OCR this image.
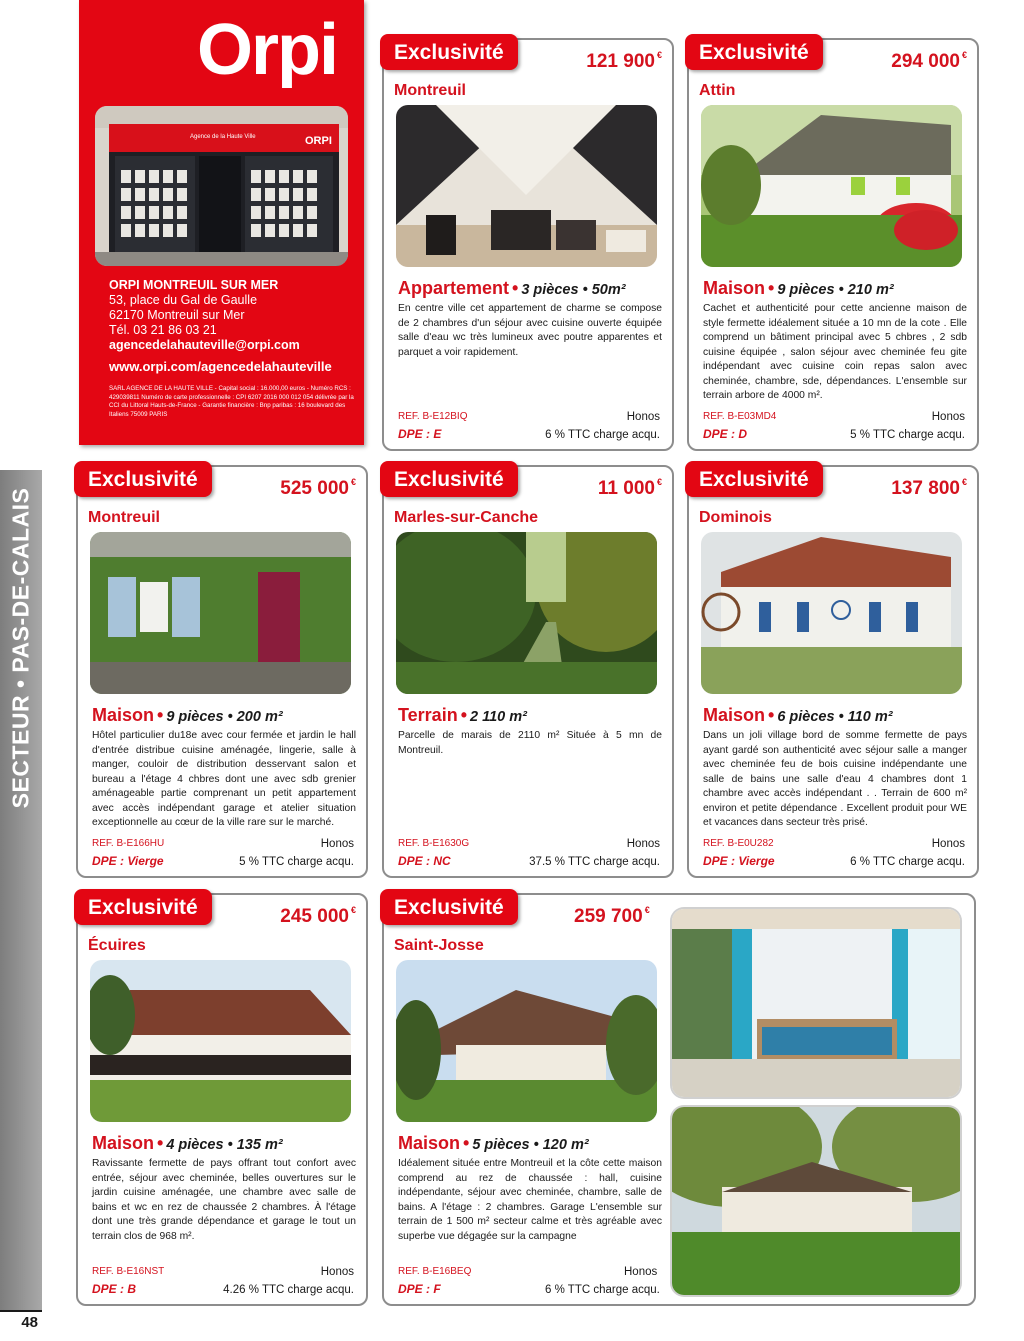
SECTEUR • PAS-DE-CALAIS
48
Orpi
Agence de la Haute Ville	ORPI
ORPI MONTREUIL SUR MER
53, place du Gal de Gaulle
62170 Montreuil sur Mer
Tél. 03 21 86 03 21
agencedelahauteville@orpi.com
www.orpi.com/agencedelahauteville
SARL AGENCE DE LA HAUTE VILLE - Capital social : 16.000,00 euros - Numéro RCS : 429039811 Numéro de carte professionnelle : CPI 6207 2016 000 012 054 délivrée par la CCI du Littoral Hauts-de-France - Garantie financière : Bnp paribas : 16 boulevard des Italiens 75009 PARIS
Exclusivité	121 900 €
Montreuil
Appartement • 3 pièces • 50m²
En centre ville cet appartement de charme se compose de 2 chambres d'un séjour avec cuisine ouverte équipée salle d'eau wc très lumineux avec poutre apparentes et parquet a voir rapidement.
REF. B-E12BIQ
DPE : E
Honos
6 % TTC charge acqu.
Exclusivité	294 000 €
Attin
Maison • 9 pièces • 210 m²
Cachet et authenticité pour cette ancienne maison de style fermette idéalement située a 10 mn de la cote . Elle comprend un bâtiment principal avec 5 chbres , 2 sdb cuisine équipée , salon séjour avec cheminée feu gite indépendant avec cuisine coin repas salon avec cheminée, chambre, sde, dépendances. L'ensemble sur terrain arbore de 4000 m².
REF. B-E03MD4
DPE : D
Honos
5 % TTC charge acqu.
Exclusivité	525 000 €
Montreuil
Maison • 9 pièces • 200 m²
Hôtel particulier du18e avec cour fermée et jardin le hall d'entrée distribue cuisine aménagée, lingerie, salle à manger, couloir de distribution desservant salon et bureau a l'étage 4 chbres dont une avec sdb grenier aménageable partie comprenant un petit appartement avec accès indépendant garage et atelier situation exceptionnelle au cœur de la ville rare sur le marché.
REF. B-E166HU
DPE : Vierge
Honos
5 % TTC charge acqu.
Exclusivité	11 000 €
Marles-sur-Canche
Terrain • 2 110 m²
Parcelle de marais de 2110 m² Située à 5 mn de Montreuil.
REF. B-E1630G
DPE : NC
Honos
37.5 % TTC charge acqu.
Exclusivité	137 800 €
Dominois
Maison • 6 pièces • 110 m²
Dans un joli village bord de somme fermette de pays ayant gardé son authenticité avec séjour salle a manger avec cheminée feu de bois cuisine indépendante une salle de bains une salle d'eau 4 chambres dont 1 chambre avec accès indépendant . . Terrain de 600 m² environ et petite dépendance . Excellent produit pour WE et vacances dans secteur très prisé.
REF. B-E0U282
DPE : Vierge
Honos
6 % TTC charge acqu.
Exclusivité	245 000 €
Écuires
Maison • 4 pièces • 135 m²
Ravissante fermette de pays offrant tout confort avec entrée, séjour avec cheminée, belles ouvertures sur le jardin cuisine aménagée, une chambre avec salle de bains et wc en rez de chaussée 2 chambres. À l'étage dont une très grande dépendance et garage le tout un terrain clos de 968 m².
REF. B-E16NST
DPE : B
Honos
4.26 % TTC charge acqu.
Exclusivité	259 700 €
Saint-Josse
Maison • 5 pièces • 120 m²
Idéalement située entre Montreuil et la côte cette maison comprend au rez de chaussée : hall, cuisine indépendante, séjour avec cheminée, chambre, salle de bains. A l'étage : 2 chambres. Garage L'ensemble sur terrain de 1 500 m² secteur calme et très agréable avec superbe vue dégagée sur la campagne
REF. B-E16BEQ
DPE : F
Honos
6 % TTC charge acqu.
